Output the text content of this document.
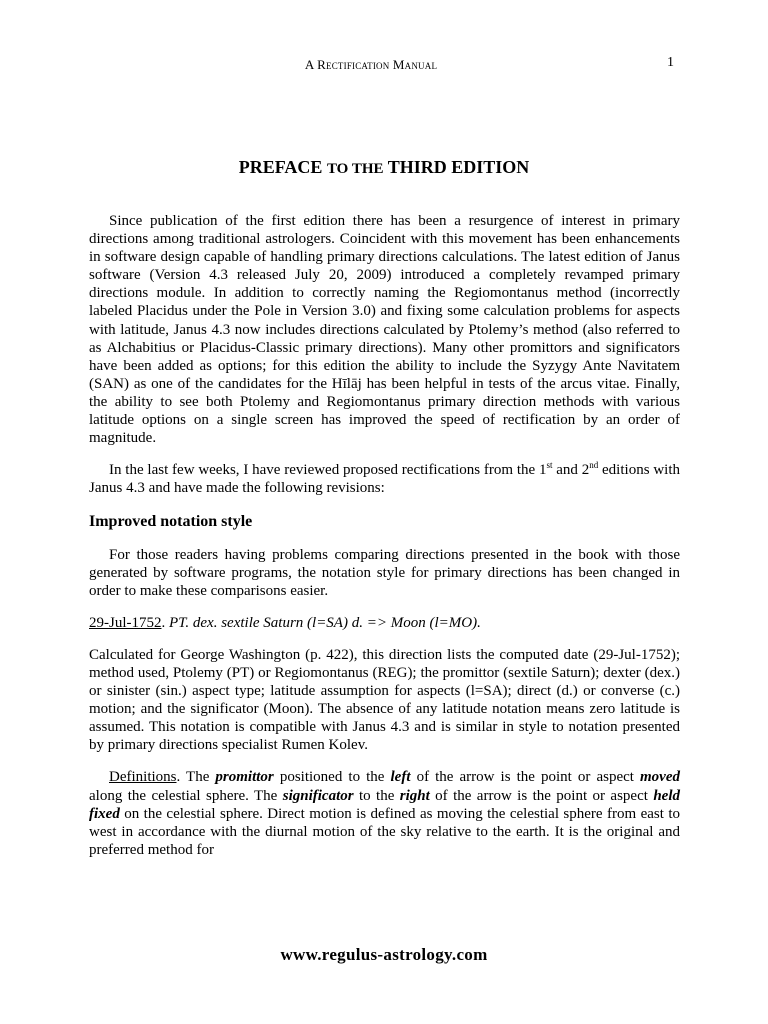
A Rectification Manual	1
PREFACE TO THE THIRD EDITION

Since publication of the first edition there has been a resurgence of interest in primary directions among traditional astrologers. Coincident with this movement has been enhancements in software design capable of handling primary directions calculations. The latest edition of Janus software (Version 4.3 released July 20, 2009) introduced a completely revamped primary directions module. In addition to correctly naming the Regiomontanus method (incorrectly labeled Placidus under the Pole in Version 3.0) and fixing some calculation problems for aspects with latitude, Janus 4.3 now includes directions calculated by Ptolemy’s method (also referred to as Alchabitius or Placidus-Classic primary directions). Many other promittors and significators have been added as options; for this edition the ability to include the Syzygy Ante Navitatem (SAN) as one of the candidates for the Hīlāj has been helpful in tests of the arcus vitae. Finally, the ability to see both Ptolemy and Regiomontanus primary direction methods with various latitude options on a single screen has improved the speed of rectification by an order of magnitude.

In the last few weeks, I have reviewed proposed rectifications from the 1st and 2nd editions with Janus 4.3 and have made the following revisions:

Improved notation style

For those readers having problems comparing directions presented in the book with those generated by software programs, the notation style for primary directions has been changed in order to make these comparisons easier.

29-Jul-1752. PT. dex. sextile Saturn (l=SA) d. => Moon (l=MO).

Calculated for George Washington (p. 422), this direction lists the computed date (29-Jul-1752); method used, Ptolemy (PT) or Regiomontanus (REG); the promittor (sextile Saturn); dexter (dex.) or sinister (sin.) aspect type; latitude assumption for aspects (l=SA); direct (d.) or converse (c.) motion; and the significator (Moon). The absence of any latitude notation means zero latitude is assumed. This notation is compatible with Janus 4.3 and is similar in style to notation presented by primary directions specialist Rumen Kolev.

Definitions. The promittor positioned to the left of the arrow is the point or aspect moved along the celestial sphere. The significator to the right of the arrow is the point or aspect held fixed on the celestial sphere. Direct motion is defined as moving the celestial sphere from east to west in accordance with the diurnal motion of the sky relative to the earth. It is the original and preferred method for

www.regulus-astrology.com
